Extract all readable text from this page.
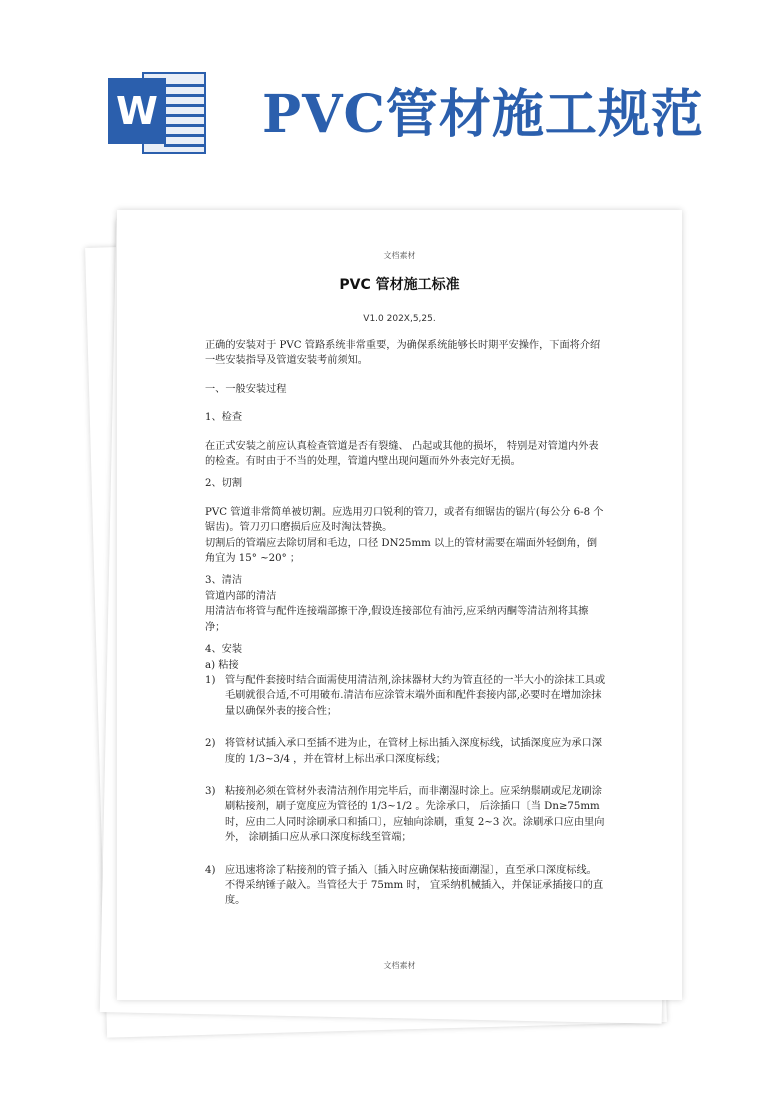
W PVC管材施工规范
文档素材
PVC 管材施工标准
V1.0 202X,5,25.

正确的安装对于 PVC 管路系统非常重要，为确保系统能够长时期平安操作，下面将介绍一些安装指导及管道安装考前须知。

一、一般安装过程

1、检查

在正式安装之前应认真检查管道是否有裂缝、 凸起或其他的损坏， 特别是对管道内外表的检查。有时由于不当的处理，管道内壁出现问题而外外表完好无损。

2、切割

PVC 管道非常简单被切割。应选用刃口锐利的管刀，或者有细锯齿的锯片(每公分 6-8 个锯齿)。管刀刃口磨损后应及时淘汰替换。

切割后的管端应去除切屑和毛边，口径 DN25mm 以上的管材需要在端面外轻倒角，倒角宜为 15° ~20° ；

3、清洁

管道内部的清洁

用清洁布将管与配件连接端部擦干净,假设连接部位有油污,应采纳丙酮等清洁剂将其擦净；

4、安装

a) 粘接

1) 管与配件套接时结合面需使用清洁剂,涂抹器材大约为管直径的一半大小的涂抹工具或毛刷就很合适,不可用破布.清洁布应涂管末端外面和配件套接内部,必要时在增加涂抹量以确保外表的接合性；
2) 将管材试插入承口至插不进为止，在管材上标出插入深度标线，试插深度应为承口深度的 1/3~3/4 ，并在管材上标出承口深度标线；
3) 粘接剂必须在管材外表清洁剂作用完毕后，而非潮湿时涂上。应采纳鬃刷或尼龙刷涂刷粘接剂，刷子宽度应为管径的 1/3~1/2 。先涂承口， 后涂插口〔当 Dn≥75mm 时，应由二人同时涂刷承口和插口〕，应轴向涂刷，重复 2~3 次。涂刷承口应由里向外， 涂刷插口应从承口深度标线至管端；
4) 应迅速将涂了粘接剂的管子插入〔插入时应确保粘接面潮湿〕，直至承口深度标线。不得采纳锤子敲入。当管径大于 75mm 时， 宜采纳机械插入，并保证承插接口的直度。
文档素材
